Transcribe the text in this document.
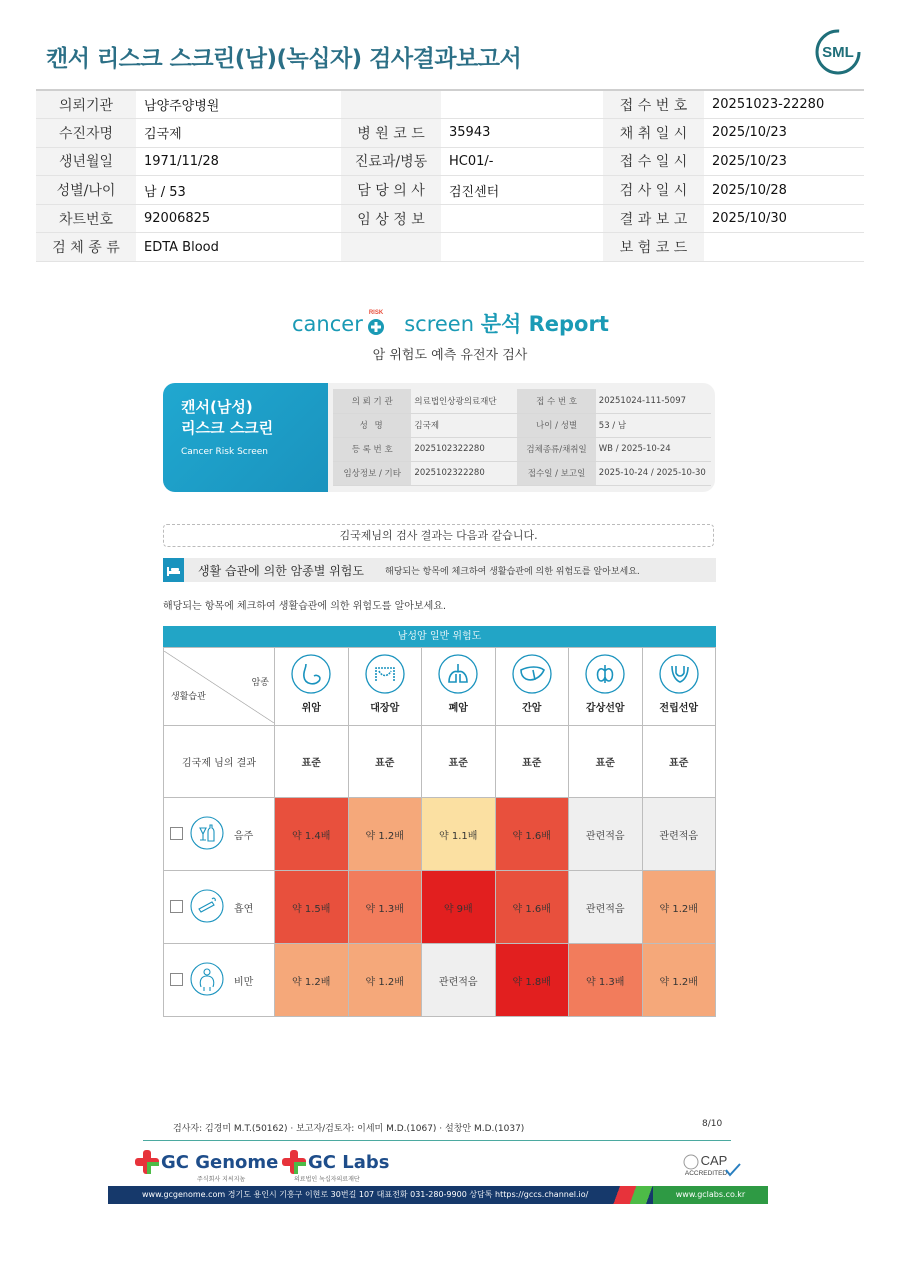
캔서 리스크 스크린(남)(녹십자) 검사결과보고서	SML
의뢰기관	남양주양병원			접 수 번 호	20251023-22280
수진자명	김국제	병 원 코 드	35943	채 취 일 시	2025/10/23
생년월일	1971/11/28	진료과/병동	HC01/-	접 수 일 시	2025/10/23
성별/나이	남 / 53	담 당 의 사	검진센터	검 사 일 시	2025/10/28
차트번호	92006825	임 상 정 보		결 과 보 고	2025/10/30
검 체 종 류	EDTA Blood			보 험 코 드	
cancer screen 분석 Report
RISK
암 위험도 예측 유전자 검사
캔서(남성)
리스크 스크린
Cancer Risk Screen
의 뢰 기 관	의료법인상광의료재단	접 수 번 호	20251024-111-5097
성 명	김국제	나이 / 성별	53 / 남
등 록 번 호	2025102322280	검체종류/채취일	WB / 2025-10-24
임상정보 / 기타	2025102322280	접수일 / 보고일	2025-10-24 / 2025-10-30
김국제님의 검사 결과는 다음과 같습니다.
생활 습관에 의한 암종별 위험도 해당되는 항목에 체크하여 생활습관에 의한 위험도를 알아보세요.
해당되는 항목에 체크하여 생활습관에 의한 위험도를 알아보세요.
남성암 일반 위험도
암종
생활습관	위암	대장암	폐암	간암	갑상선암	전립선암

김국제 님의 결과	표준	표준	표준	표준	표준	표준

음주	약 1.4배	약 1.2배	약 1.1배	약 1.6배	관련적음	관련적음

흡연	약 1.5배	약 1.3배	약 9배	약 1.6배	관련적음	약 1.2배

비만	약 1.2배	약 1.2배	관련적음	약 1.8배	약 1.3배	약 1.2배
검사자: 김경미 M.T.(50162) · 보고자/검토자: 이세미 M.D.(1067) · 설창안 M.D.(1037)	8/10
GC Genome
주식회사 지씨지놈
GC Labs
의료법인 녹십자의료재단
CAP
ACCREDITED
www.gcgenome.com 경기도 용인시 기흥구 이현로 30번길 107 대표전화 031-280-9900 상담톡 https://gccs.channel.io/	www.gclabs.co.kr
